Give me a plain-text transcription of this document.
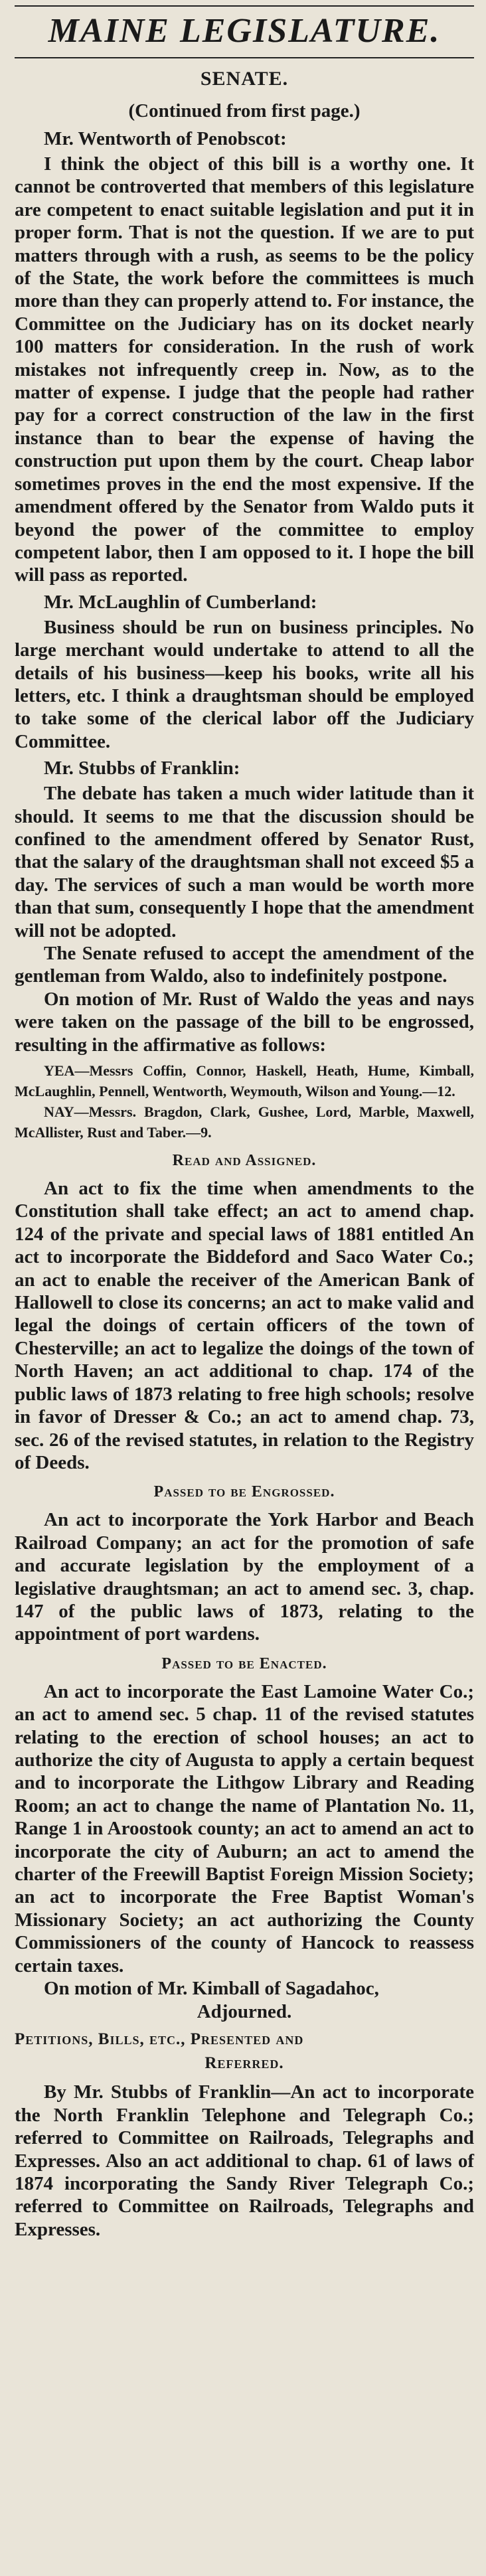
MAINE LEGISLATURE.
SENATE.
(Continued from first page.)
Mr. Wentworth of Penobscot:

I think the object of this bill is a worthy one. It cannot be controverted that members of this legislature are competent to enact suitable legislation and put it in proper form. That is not the question. If we are to put matters through with a rush, as seems to be the policy of the State, the work before the committees is much more than they can properly attend to. For instance, the Committee on the Judiciary has on its docket nearly 100 matters for consideration. In the rush of work mistakes not infrequently creep in. Now, as to the matter of expense. I judge that the people had rather pay for a correct construction of the law in the first instance than to bear the expense of having the construction put upon them by the court. Cheap labor sometimes proves in the end the most expensive. If the amendment offered by the Senator from Waldo puts it beyond the power of the committee to employ competent labor, then I am opposed to it. I hope the bill will pass as reported.

Mr. McLaughlin of Cumberland:

Business should be run on business principles. No large merchant would undertake to attend to all the details of his business—keep his books, write all his letters, etc. I think a draughtsman should be employed to take some of the clerical labor off the Judiciary Committee.

Mr. Stubbs of Franklin:

The debate has taken a much wider latitude than it should. It seems to me that the discussion should be confined to the amendment offered by Senator Rust, that the salary of the draughtsman shall not exceed $5 a day. The services of such a man would be worth more than that sum, consequently I hope that the amendment will not be adopted.

The Senate refused to accept the amendment of the gentleman from Waldo, also to indefinitely postpone.

On motion of Mr. Rust of Waldo the yeas and nays were taken on the passage of the bill to be engrossed, resulting in the affirmative as follows:

YEA—Messrs Coffin, Connor, Haskell, Heath, Hume, Kimball, McLaughlin, Pennell, Wentworth, Weymouth, Wilson and Young.—12.
NAY—Messrs. Bragdon, Clark, Gushee, Lord, Marble, Maxwell, McAllister, Rust and Taber.—9.
Read and Assigned.

An act to fix the time when amendments to the Constitution shall take effect; an act to amend chap. 124 of the private and special laws of 1881 entitled An act to incorporate the Biddeford and Saco Water Co.; an act to enable the receiver of the American Bank of Hallowell to close its concerns; an act to make valid and legal the doings of certain officers of the town of Chesterville; an act to legalize the doings of the town of North Haven; an act additional to chap. 174 of the public laws of 1873 relating to free high schools; resolve in favor of Dresser & Co.; an act to amend chap. 73, sec. 26 of the revised statutes, in relation to the Registry of Deeds.

Passed to be Engrossed.

An act to incorporate the York Harbor and Beach Railroad Company; an act for the promotion of safe and accurate legislation by the employment of a legislative draughtsman; an act to amend sec. 3, chap. 147 of the public laws of 1873, relating to the appointment of port wardens.

Passed to be Enacted.

An act to incorporate the East Lamoine Water Co.; an act to amend sec. 5 chap. 11 of the revised statutes relating to the erection of school houses; an act to authorize the city of Augusta to apply a certain bequest and to incorporate the Lithgow Library and Reading Room; an act to change the name of Plantation No. 11, Range 1 in Aroostook county; an act to amend an act to incorporate the city of Auburn; an act to amend the charter of the Freewill Baptist Foreign Mission Society; an act to incorporate the Free Baptist Woman's Missionary Society; an act authorizing the County Commissioners of the county of Hancock to reassess certain taxes.

On motion of Mr. Kimball of Sagadahoc,

Adjourned.
Petitions, Bills, etc., Presented and
Referred.

By Mr. Stubbs of Franklin—An act to incorporate the North Franklin Telephone and Telegraph Co.; referred to Committee on Railroads, Telegraphs and Expresses. Also an act additional to chap. 61 of laws of 1874 incorporating the Sandy River Telegraph Co.; referred to Committee on Railroads, Telegraphs and Expresses.
